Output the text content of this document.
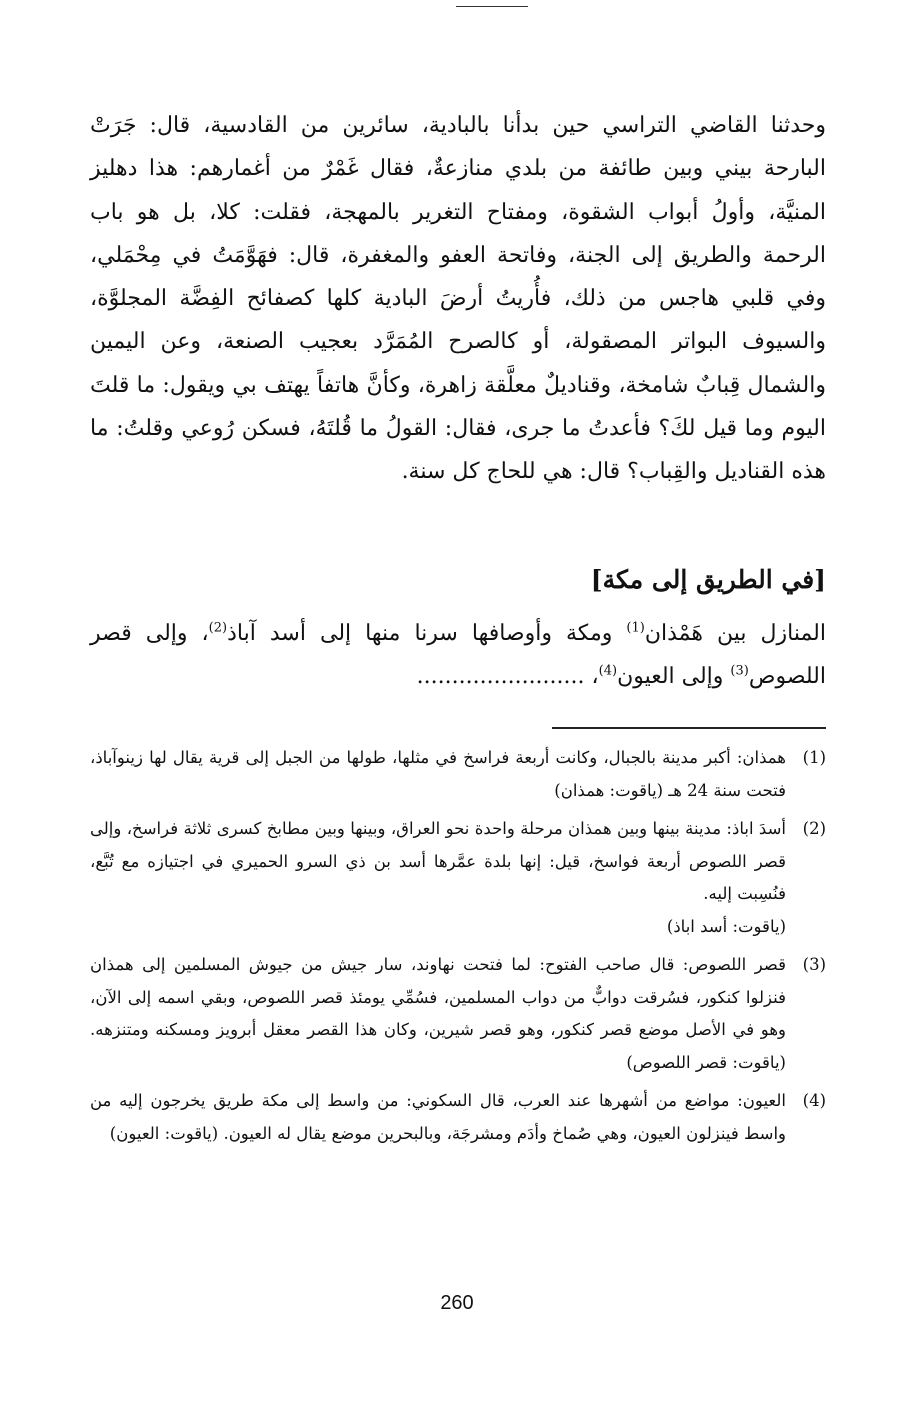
وحدثنا القاضي التراسي حين بدأنا بالبادية، سائرين من القادسية، قال: جَرَتْ البارحة بيني وبين طائفة من بلدي منازعةٌ، فقال غَمْرٌ من أغمارهم: هذا دهليز المنيَّة، وأولُ أبواب الشقوة، ومفتاح التغرير بالمهجة، فقلت: كلا، بل هو باب الرحمة والطريق إلى الجنة، وفاتحة العفو والمغفرة، قال: فهَوَّمَتُ في مِحْمَلي، وفي قلبي هاجس من ذلك، فأُريتُ أرضَ البادية كلها كصفائح الفِضَّة المجلوَّة، والسيوف البواتر المصقولة، أو كالصرح المُمَرَّد بعجيب الصنعة، وعن اليمين والشمال قِبابٌ شامخة، وقناديلٌ معلَّقة زاهرة، وكأنَّ هاتفاً يهتف بي ويقول: ما قلتَ اليوم وما قيل لكَ؟ فأعدتُ ما جرى، فقال: القولُ ما قُلتَهُ، فسكن رُوعي وقلتُ: ما هذه القناديل والقِباب؟ قال: هي للحاج كل سنة.

[في الطريق إلى مكة]

المنازل بين هَمْذان$^{(1)}$ ومكة وأوصافها سرنا منها إلى أسد آباذ$^{(2)}$، وإلى قصر اللصوص$^{(3)}$ وإلى العيون$^{(4)}$، ........................

(1)

همذان: أكبر مدينة بالجبال، وكانت أربعة فراسخ في مثلها، طولها من الجبل إلى قرية يقال لها زينوآباذ، فتحت سنة 24 هـ (ياقوت: همذان)

(2)

أسدَ اباذ: مدينة بينها وبين همذان مرحلة واحدة نحو العراق، وبينها وبين مطابخ كسرى ثلاثة فراسخ، وإلى قصر اللصوص أربعة فواسخ، قيل: إنها بلدة عمَّرها أسد بن ذي السرو الحميري في اجتيازه مع تُبَّع، فنُسِبت إليه.

(ياقوت: أسد اباذ)

(3)

قصر اللصوص: قال صاحب الفتوح: لما فتحت نهاوند، سار جيش من جيوش المسلمين إلى همذان فنزلوا كنكور، فسُرقت دوابٌّ من دواب المسلمين، فسُمِّي يومئذ قصر اللصوص، وبقي اسمه إلى الآن، وهو في الأصل موضع قصر كنكور، وهو قصر شيرين، وكان هذا القصر معقل أبرويز ومسكنه ومتنزهه. (ياقوت: قصر اللصوص)

(4)

العيون: مواضع من أشهرها عند العرب، قال السكوني: من واسط إلى مكة طريق يخرجون إليه من واسط فينزلون العيون، وهي صُماخ وأدَم ومشرجَة، وبالبحرين موضع يقال له العيون. (ياقوت: العيون)

260
